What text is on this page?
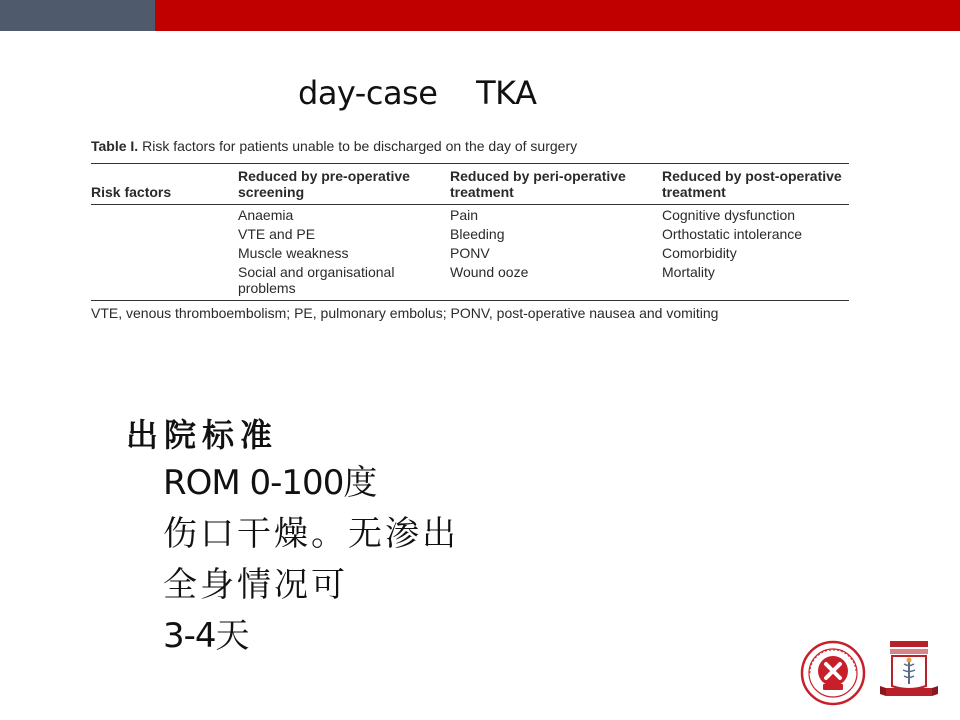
day-case    TKA
Table I. Risk factors for patients unable to be discharged on the day of surgery
Risk factors	Reduced by pre-operative screening	Reduced by peri-operative treatment	Reduced by post-operative treatment
	Anaemia	Pain	Cognitive dysfunction
	VTE and PE	Bleeding	Orthostatic intolerance
	Muscle weakness	PONV	Comorbidity
	Social and organisational problems	Wound ooze	Mortality
VTE, venous thromboembolism; PE, pulmonary embolus; PONV, post-operative nausea and vomiting
出院标准
ROM 0-100度
伤口干燥。无渗出
全身情况可
3-4天
